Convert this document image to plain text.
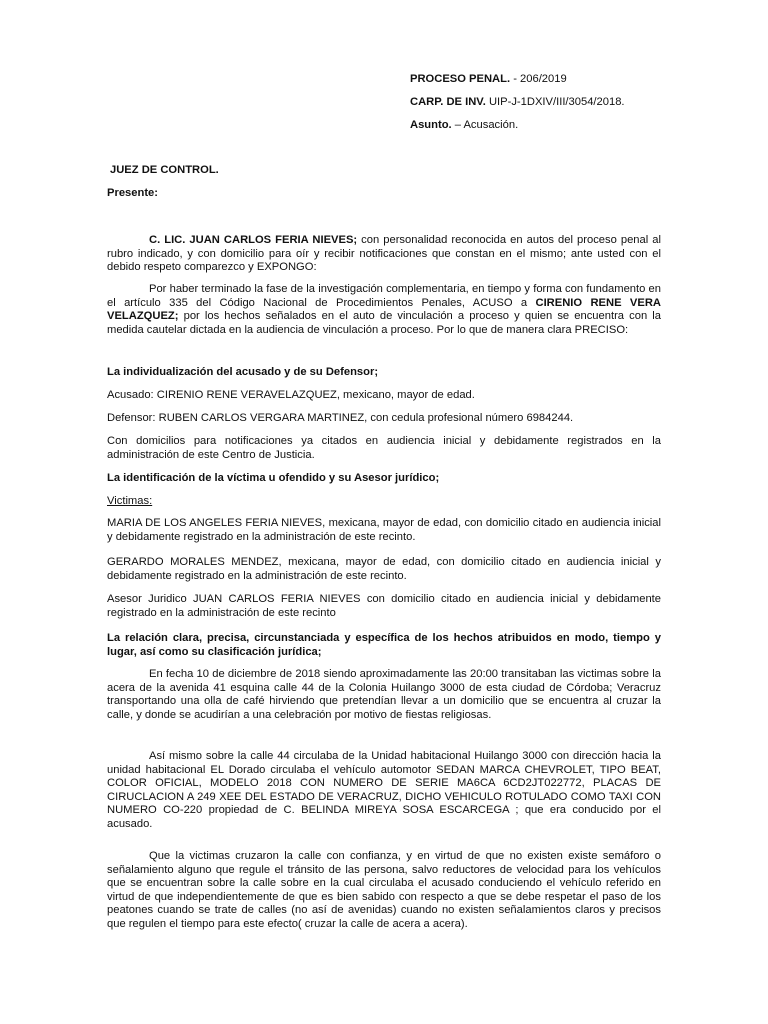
PROCESO PENAL. - 206/2019
CARP. DE INV. UIP-J-1DXIV/III/3054/2018.
Asunto. – Acusación.
JUEZ DE CONTROL.
Presente:

C. LIC. JUAN CARLOS FERIA NIEVES; con personalidad reconocida en autos del proceso penal al rubro indicado, y con domicilio para oír y recibir notificaciones que constan en el mismo; ante usted con el debido respeto comparezco y EXPONGO:

Por haber terminado la fase de la investigación complementaria, en tiempo y forma con fundamento en el artículo 335 del Código Nacional de Procedimientos Penales, ACUSO a CIRENIO RENE VERA VELAZQUEZ; por los hechos señalados en el auto de vinculación a proceso y quien se encuentra con la medida cautelar dictada en la audiencia de vinculación a proceso. Por lo que de manera clara PRECISO:

La individualización del acusado y de su Defensor;
Acusado: CIRENIO RENE VERAVELAZQUEZ, mexicano, mayor de edad.
Defensor: RUBEN CARLOS VERGARA MARTINEZ, con cedula profesional número 6984244.

Con domicilios para notificaciones ya citados en audiencia inicial y debidamente registrados en la administración de este Centro de Justicia.

La identificación de la víctima u ofendido y su Asesor jurídico;
Victimas:

MARIA DE LOS ANGELES FERIA NIEVES, mexicana, mayor de edad, con domicilio citado en audiencia inicial y debidamente registrado en la administración de este recinto.

GERARDO MORALES MENDEZ, mexicana, mayor de edad, con domicilio citado en audiencia inicial y debidamente registrado en la administración de este recinto.

Asesor Juridico JUAN CARLOS FERIA NIEVES con domicilio citado en audiencia inicial y debidamente registrado en la administración de este recinto

La relación clara, precisa, circunstanciada y específica de los hechos atribuidos en modo, tiempo y lugar, así como su clasificación jurídica;

En fecha 10 de diciembre de 2018 siendo aproximadamente las 20:00 transitaban las victimas sobre la acera de la avenida 41 esquina calle 44 de la Colonia Huilango 3000 de esta ciudad de Córdoba; Veracruz transportando una olla de café hirviendo que pretendían llevar a un domicilio que se encuentra al cruzar la calle, y donde se acudirían a una celebración por motivo de fiestas religiosas.

Así mismo sobre la calle 44 circulaba de la Unidad habitacional Huilango 3000 con dirección hacia la unidad habitacional EL Dorado circulaba el vehículo automotor SEDAN MARCA CHEVROLET, TIPO BEAT, COLOR OFICIAL, MODELO 2018 CON NUMERO DE SERIE MA6CA 6CD2JT022772, PLACAS DE CIRUCLACION A 249 XEE DEL ESTADO DE VERACRUZ, DICHO VEHICULO ROTULADO COMO TAXI CON NUMERO CO-220 propiedad de C. BELINDA MIREYA SOSA ESCARCEGA ; que era conducido por el acusado.

Que la victimas cruzaron la calle con confianza, y en virtud de que no existen existe semáforo o señalamiento alguno que regule el tránsito de las persona, salvo reductores de velocidad para los vehículos que se encuentran sobre la calle sobre en la cual circulaba el acusado conduciendo el vehículo referido en virtud de que independientemente de que es bien sabido con respecto a que se debe respetar el paso de los peatones cuando se trate de calles (no así de avenidas) cuando no existen señalamientos claros y precisos que regulen el tiempo para este efecto( cruzar la calle de acera a acera).
